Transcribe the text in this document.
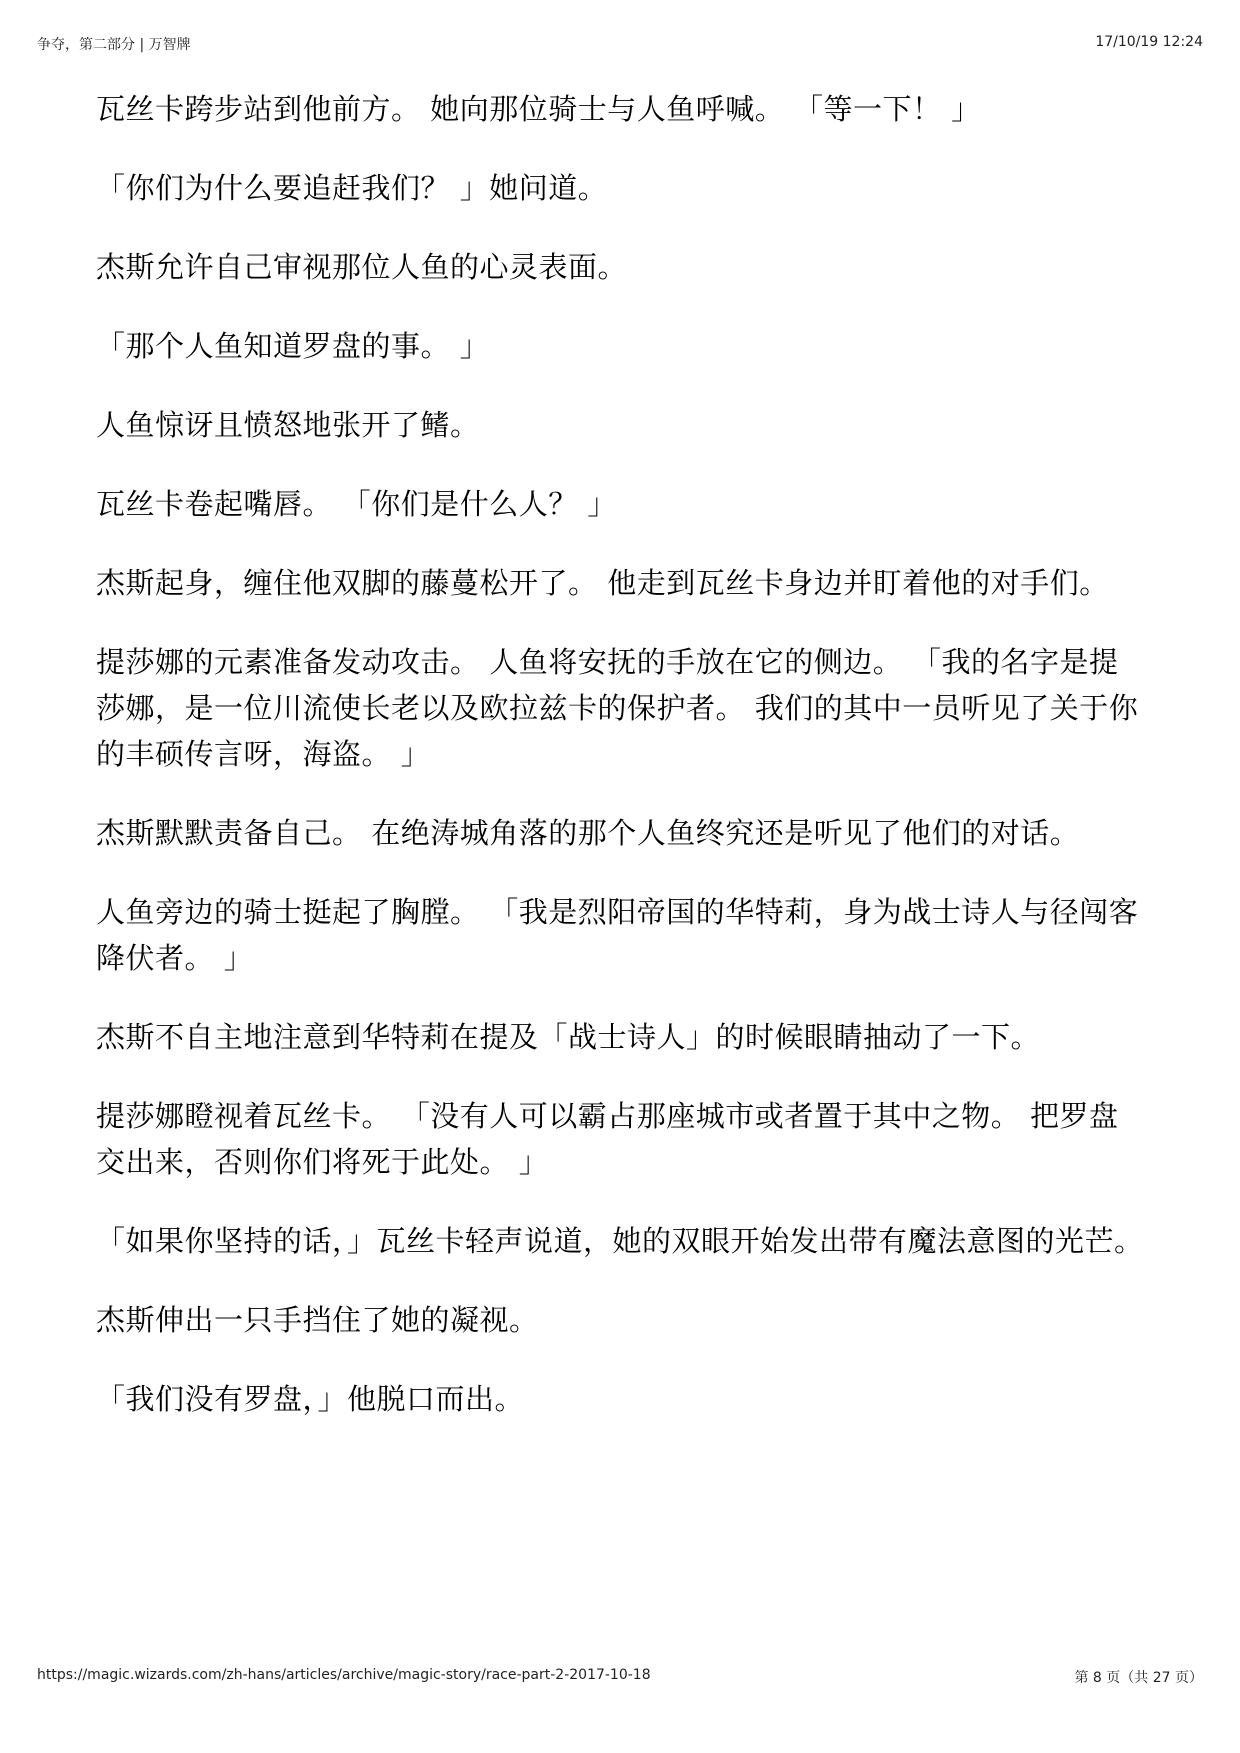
争夺，第二部分 | 万智牌	17/10/19 12:24

瓦丝卡跨步站到他前方。 她向那位骑士与人鱼呼喊。 「等一下！ 」

「你们为什么要追赶我们？ 」她问道。

杰斯允许自己审视那位人鱼的心灵表面。

「那个人鱼知道罗盘的事。 」

人鱼惊讶且愤怒地张开了鳍。

瓦丝卡卷起嘴唇。 「你们是什么人？ 」

杰斯起身，缠住他双脚的藤蔓松开了。 他走到瓦丝卡身边并盯着他的对手们。

提莎娜的元素准备发动攻击。 人鱼将安抚的手放在它的侧边。 「我的名字是提莎娜，是一位川流使长老以及欧拉兹卡的保护者。 我们的其中一员听见了关于你的丰硕传言呀，海盗。 」

杰斯默默责备自己。 在绝涛城角落的那个人鱼终究还是听见了他们的对话。

人鱼旁边的骑士挺起了胸膛。 「我是烈阳帝国的华特莉，身为战士诗人与径闯客降伏者。 」

杰斯不自主地注意到华特莉在提及「战士诗人」的时候眼睛抽动了一下。

提莎娜瞪视着瓦丝卡。 「没有人可以霸占那座城市或者置于其中之物。 把罗盘交出来，否则你们将死于此处。 」

「如果你坚持的话，」瓦丝卡轻声说道，她的双眼开始发出带有魔法意图的光芒。

杰斯伸出一只手挡住了她的凝视。

「我们没有罗盘，」他脱口而出。

https://magic.wizards.com/zh-hans/articles/archive/magic-story/race-part-2-2017-10-18	第 8 页（共 27 页）
